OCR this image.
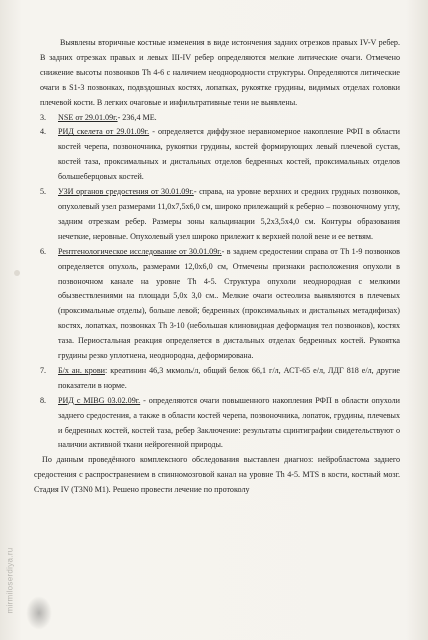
Выявлены вторичные костные изменения в виде истончения задних отрезков правых IV-V ребер. В задних отрезках правых и левых III-IV ребер определяются мелкие литические очаги. Отмечено снижение высоты позвонков Th 4-6 с наличием неоднородности структуры. Определяются литические очаги в S1-3 позвонках, подвздошных костях, лопатках, рукоятке грудины, видимых отделах головки плечевой кости. В легких очаговые и инфильтративные тени не выявлены.

3.	NSE от 29.01.09г.- 236,4 МЕ.
4.	РИД скелета от 29.01.09г. - определяется диффузное неравномерное накопление РФП в области костей черепа, позвоночника, рукоятки грудины, костей формирующих левый плечевой сустав, костей таза, проксимальных и дистальных отделов бедренных костей, проксимальных отделов большеберцовых костей.
5.	УЗИ органов средостения от 30.01.09г.- справа, на уровне верхних и средних грудных позвонков, опухолевый узел размерами 11,0х7,5х6,0 см, широко прилежащий к реберно – позвоночному углу, задним отрезкам ребер. Размеры зоны кальцинации 5,2х3,5х4,0 см. Контуры образования нечеткие, неровные. Опухолевый узел широко прилежит к верхней полой вене и ее ветвям.
6.	Рентгенологическое исследование от 30.01.09г.- в заднем средостении справа от Th 1-9 позвонков определяется опухоль, размерами 12,0х6,0 см, Отмечены признаки расположения опухоли в позвоночном канале на уровне Th 4-5. Структура опухоли неоднородная с мелкими обызвествлениями на площади 5,0х 3,0 см.. Мелкие очаги остеолиза выявляются в плечевых (проксимальные отделы), больше левой; бедренных (проксимальных и дистальных метадифизах) костях, лопатках, позвонках Th 3-10 (небольшая клиновидная деформация тел позвонков), костях таза. Периостальная реакция определяется в дистальных отделах бедренных костей. Рукоятка грудины резко уплотнена, неоднородна, деформирована.
7.	Б/х ан. крови: креатинин 46,3 мкмоль/л, общий белок 66,1 г/л, АСТ-65 е/л, ЛДГ 818 е/л, другие показатели в норме.
8.	РИД с MIBG 03.02.09г. - определяются очаги повышенного накопления РФП в области опухоли заднего средостения, а также в области костей черепа, позвоночника, лопаток, грудины, плечевых и бедренных костей, костей таза, ребер Заключение: результаты сцинтиграфии свидетельствуют о наличии активной ткани нейрогенной природы.

По данным проведённого комплексного обследования выставлен диагноз: нейробластома заднего средостения с распространением в спинномозговой канал на уровне Th 4-5. MTS в кости, костный мозг. Стадия IV (T3N0 M1). Решено провести лечение по протоколу

mirmiloserdiya.ru
